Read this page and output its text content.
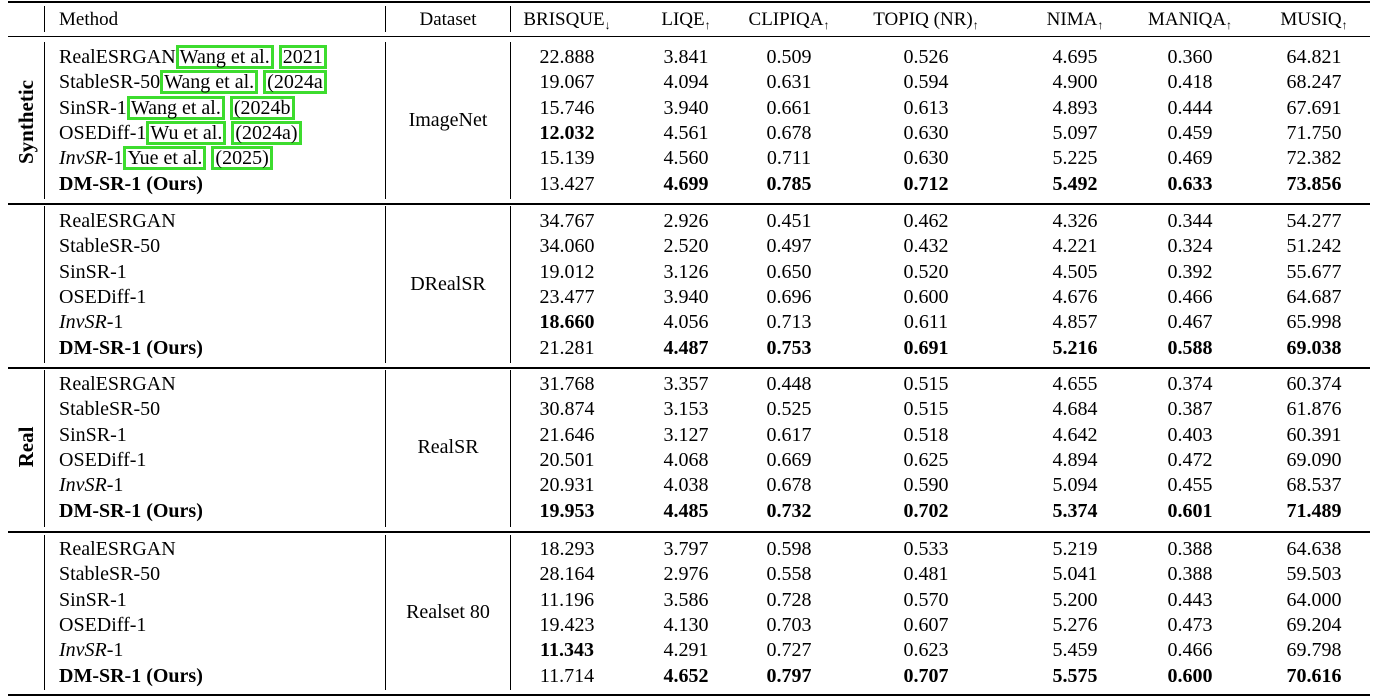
Method	Dataset	$BRISQUE_↓$	$LIQE_↑$	$CLIPIQA_↑$	TOPIQ $(NR)_↑$	$NIMA_↑$	$MANIQA_↑$	$MUSIQ_↑$
Synthetic
Real
ImageNet
RealESRGAN Wang et al. 2021	22.888	3.841	0.509	0.526	4.695	0.360	64.821
StableSR-50 Wang et al. (2024a	19.067	4.094	0.631	0.594	4.900	0.418	68.247
SinSR-1 Wang et al. (2024b	15.746	3.940	0.661	0.613	4.893	0.444	67.691
OSEDiff-1 Wu et al. (2024a)	12.032	4.561	0.678	0.630	5.097	0.459	71.750
InvSR-1 Yue et al. (2025)	15.139	4.560	0.711	0.630	5.225	0.469	72.382
DM-SR-1 (Ours)	13.427	4.699	0.785	0.712	5.492	0.633	73.856
DRealSR
RealESRGAN	34.767	2.926	0.451	0.462	4.326	0.344	54.277
StableSR-50	34.060	2.520	0.497	0.432	4.221	0.324	51.242
SinSR-1	19.012	3.126	0.650	0.520	4.505	0.392	55.677
OSEDiff-1	23.477	3.940	0.696	0.600	4.676	0.466	64.687
InvSR-1	18.660	4.056	0.713	0.611	4.857	0.467	65.998
DM-SR-1 (Ours)	21.281	4.487	0.753	0.691	5.216	0.588	69.038
RealSR
RealESRGAN	31.768	3.357	0.448	0.515	4.655	0.374	60.374
StableSR-50	30.874	3.153	0.525	0.515	4.684	0.387	61.876
SinSR-1	21.646	3.127	0.617	0.518	4.642	0.403	60.391
OSEDiff-1	20.501	4.068	0.669	0.625	4.894	0.472	69.090
InvSR-1	20.931	4.038	0.678	0.590	5.094	0.455	68.537
DM-SR-1 (Ours)	19.953	4.485	0.732	0.702	5.374	0.601	71.489
Realset 80
RealESRGAN	18.293	3.797	0.598	0.533	5.219	0.388	64.638
StableSR-50	28.164	2.976	0.558	0.481	5.041	0.388	59.503
SinSR-1	11.196	3.586	0.728	0.570	5.200	0.443	64.000
OSEDiff-1	19.423	4.130	0.703	0.607	5.276	0.473	69.204
InvSR-1	11.343	4.291	0.727	0.623	5.459	0.466	69.798
DM-SR-1 (Ours)	11.714	4.652	0.797	0.707	5.575	0.600	70.616
